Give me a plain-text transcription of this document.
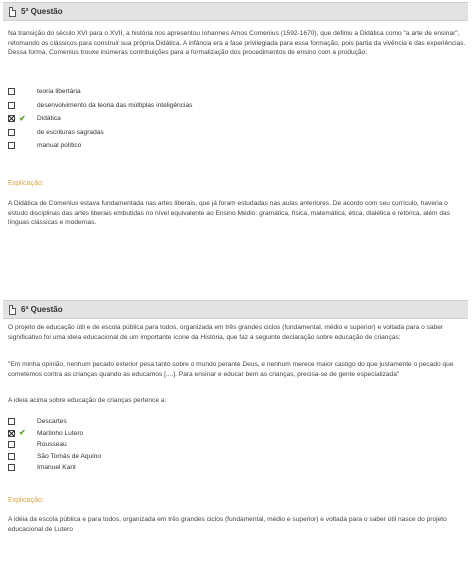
5ª Questão
Na transição do século XVI para o XVII, a história nos apresentou Iohannes Amos Comenius (1592-1670), que definiu a Didática como "a arte de ensinar", retomando os clássicos para construir sua própria Didática. A infância era a fase privilegiada para essa formação, pois partia da vivência e das experiências. Dessa forma, Comenius trouxe inúmeras contribuições para a formalização dos procedimentos de ensino com a produção:
teoria libertária
desenvolvimento da teoria das múltiplas inteligências
✔ Didática
de escrituras sagradas
manual político
Explicação:
A Didática de Comenius estava fundamentada nas artes liberais, que já foram estudadas nas aulas anteriores. De acordo com seu currículo, haveria o estudo disciplinas das artes liberais embutidas no nível equivalente ao Ensino Médio: gramática, física, matemática, ética, dialética e retórica, além das línguas clássicas e modernas.
6ª Questão
O projeto de educação útil e de escola pública para todos, organizada em três grandes ciclos (fundamental, médio e superior) e voltada para o saber significativo foi uma ideia educacional de um importante ícone da História, que faz a seguinte declaração sobre educação de crianças:
"Em minha opinião, nenhum pecado exterior pesa tanto sobre o mundo perante Deus, e nenhum merece maior castigo do que justamente o pecado que cometemos contra as crianças quando as educamos [....]. Para ensinar e educar bem as crianças, precisa-se de gente especializada"
A ideia acima sobre educação de crianças pertence a:
Descartes
✔ Martinho Lutero
Rousseau
São Tomás de Aquino
Imanuel Kant
Explicação:
A idéia da escola pública e para todos, organizada em três grandes ciclos (fundamental, médio e superior) e voltada para o saber útil nasce do projeto educacional de Lutero
